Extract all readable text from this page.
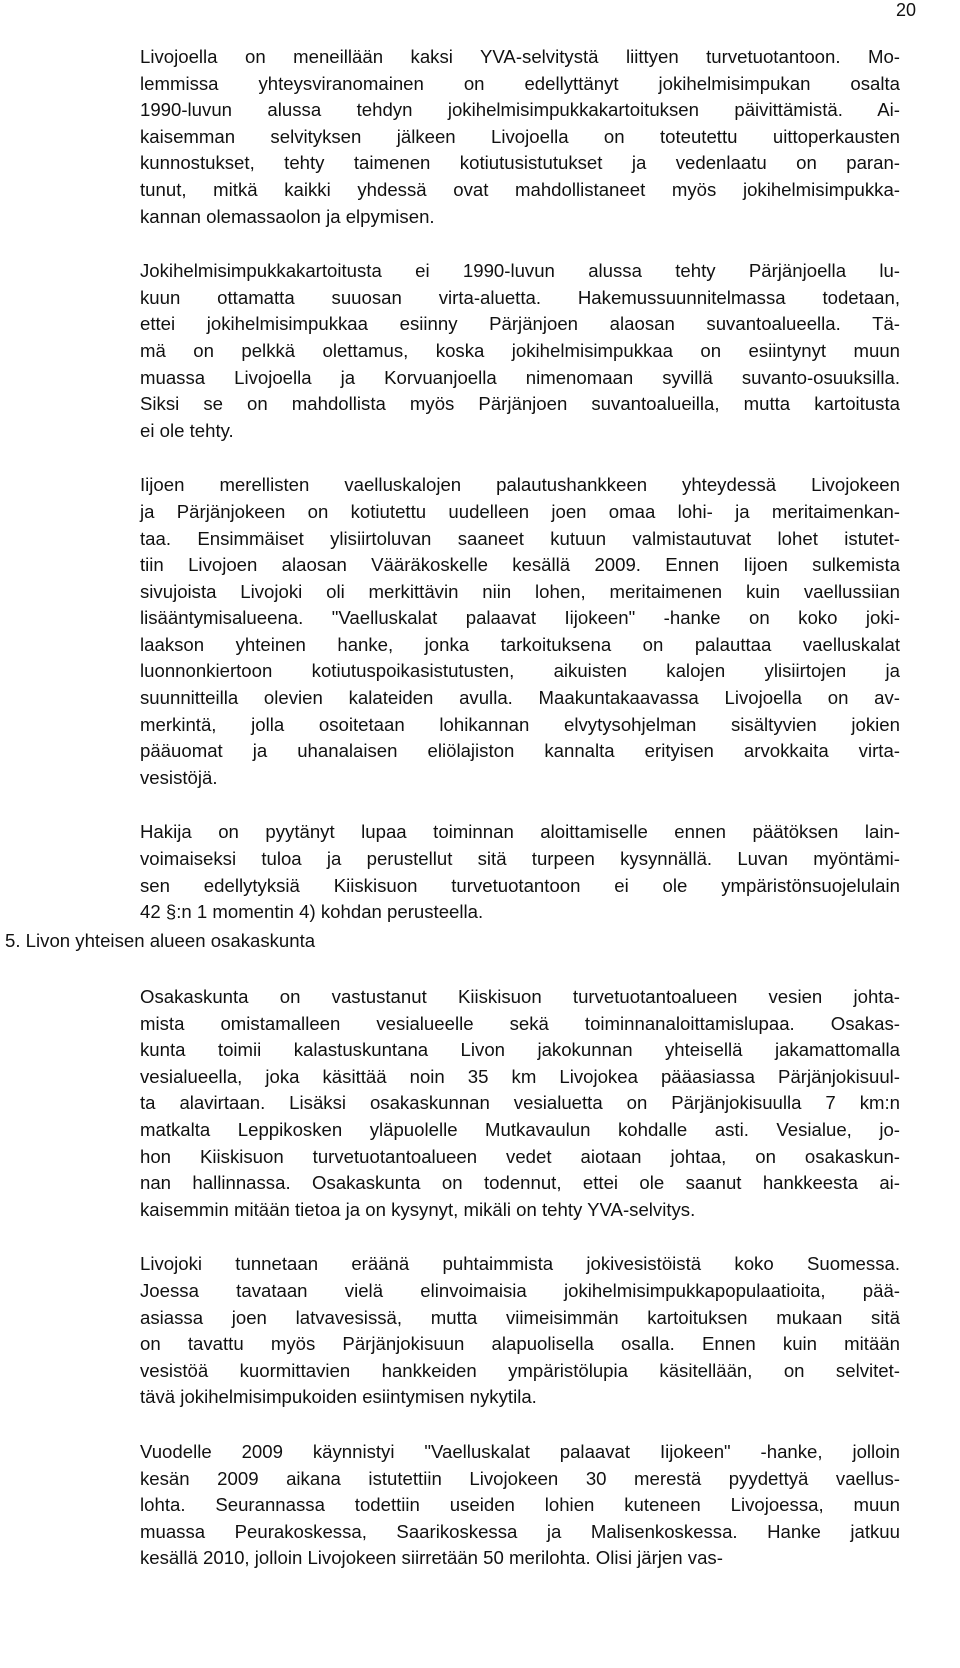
20

Livojoella on meneillään kaksi YVA-selvitystä liittyen turvetuotantoon. Mo-
lemmissa yhteysviranomainen on edellyttänyt jokihelmisimpukan osalta
1990-luvun alussa tehdyn jokihelmisimpukkakartoituksen päivittämistä. Ai-
kaisemman selvityksen jälkeen Livojoella on toteutettu uittoperkausten
kunnostukset, tehty taimenen kotiutusistutukset ja vedenlaatu on paran-
tunut, mitkä kaikki yhdessä ovat mahdollistaneet myös jokihelmisimpukka-
kannan olemassaolon ja elpymisen.

Jokihelmisimpukkakartoitusta ei 1990-luvun alussa tehty Pärjänjoella lu-
kuun ottamatta suuosan virta-aluetta. Hakemussuunnitelmassa todetaan,
ettei jokihelmisimpukkaa esiinny Pärjänjoen alaosan suvantoalueella. Tä-
mä on pelkkä olettamus, koska jokihelmisimpukkaa on esiintynyt muun
muassa Livojoella ja Korvuanjoella nimenomaan syvillä suvanto-osuuksilla.
Siksi se on mahdollista myös Pärjänjoen suvantoalueilla, mutta kartoitusta
ei ole tehty.

Iijoen merellisten vaelluskalojen palautushankkeen yhteydessä Livojokeen
ja Pärjänjokeen on kotiutettu uudelleen joen omaa lohi- ja meritaimenkan-
taa. Ensimmäiset ylisiirtoluvan saaneet kutuun valmistautuvat lohet istutet-
tiin Livojoen alaosan Vääräkoskelle kesällä 2009. Ennen Iijoen sulkemista
sivujoista Livojoki oli merkittävin niin lohen, meritaimenen kuin vaellussiian
lisääntymisalueena. "Vaelluskalat palaavat Iijokeen" -hanke on koko joki-
laakson yhteinen hanke, jonka tarkoituksena on palauttaa vaelluskalat
luonnonkiertoon kotiutuspoikasistutusten, aikuisten kalojen ylisiirtojen ja
suunnitteilla olevien kalateiden avulla. Maakuntakaavassa Livojoella on av-
merkintä, jolla osoitetaan lohikannan elvytysohjelman sisältyvien jokien
pääuomat ja uhanalaisen eliölajiston kannalta erityisen arvokkaita virta-
vesistöjä.

Hakija on pyytänyt lupaa toiminnan aloittamiselle ennen päätöksen lain-
voimaiseksi tuloa ja perustellut sitä turpeen kysynnällä. Luvan myöntämi-
sen edellytyksiä Kiiskisuon turvetuotantoon ei ole ympäristönsuojelulain
42 §:n 1 momentin 4) kohdan perusteella.

5. Livon yhteisen alueen osakaskunta

Osakaskunta on vastustanut Kiiskisuon turvetuotantoalueen vesien johta-
mista omistamalleen vesialueelle sekä toiminnanaloittamislupaa. Osakas-
kunta toimii kalastuskuntana Livon jakokunnan yhteisellä jakamattomalla
vesialueella, joka käsittää noin 35 km Livojokea pääasiassa Pärjänjokisuul-
ta alavirtaan. Lisäksi osakaskunnan vesialuetta on Pärjänjokisuulla 7 km:n
matkalta Leppikosken yläpuolelle Mutkavaulun kohdalle asti. Vesialue, jo-
hon Kiiskisuon turvetuotantoalueen vedet aiotaan johtaa, on osakaskun-
nan hallinnassa. Osakaskunta on todennut, ettei ole saanut hankkeesta ai-
kaisemmin mitään tietoa ja on kysynyt, mikäli on tehty YVA-selvitys.

Livojoki tunnetaan eräänä puhtaimmista jokivesistöistä koko Suomessa.
Joessa tavataan vielä elinvoimaisia jokihelmisimpukkapopulaatioita, pää-
asiassa joen latvavesissä, mutta viimeisimmän kartoituksen mukaan sitä
on tavattu myös Pärjänjokisuun alapuolisella osalla. Ennen kuin mitään
vesistöä kuormittavien hankkeiden ympäristölupia käsitellään, on selvitet-
tävä jokihelmisimpukoiden esiintymisen nykytila.

Vuodelle 2009 käynnistyi "Vaelluskalat palaavat Iijokeen" -hanke, jolloin
kesän 2009 aikana istutettiin Livojokeen 30 merestä pyydettyä vaellus-
lohta. Seurannassa todettiin useiden lohien kuteneen Livojoessa, muun
muassa Peurakoskessa, Saarikoskessa ja Malisenkoskessa. Hanke jatkuu
kesällä 2010, jolloin Livojokeen siirretään 50 merilohta. Olisi järjen vas-
